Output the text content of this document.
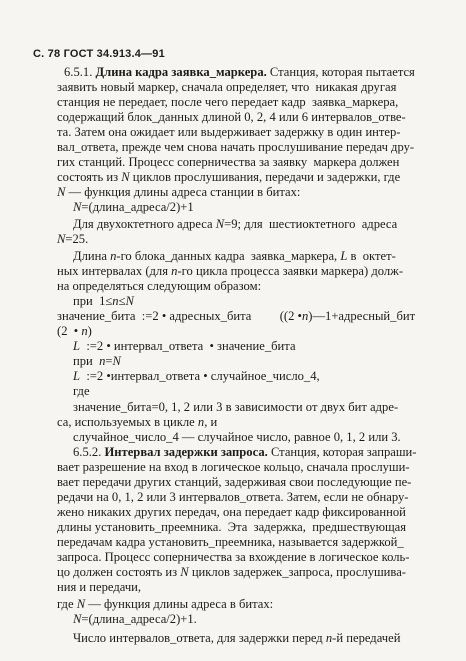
С. 78 ГОСТ 34.913.4—91
6.5.1. Длина кадра заявка_маркера. Станция, которая пытается
заявить новый маркер, сначала определяет, что  никакая другая
станция не передает, после чего передает кадр  заявка_маркера,
содержащий блок_данных длиной 0, 2, 4 или 6 интервалов_отве-
та. Затем она ожидает или выдерживает задержку в один интер-
вал_ответа, прежде чем снова начать прослушивание передач дру-
гих станций. Процесс соперничества за заявку  маркера должен
состоять из N циклов прослушивания, передачи и задержки, где
N — функция длины адреса станции в битах:
N=(длина_адреса/2)+1
Для двухоктетного адреса N=9; для  шестиоктетного  адреса
N=25.
Длина n-го блока_данных кадра  заявка_маркера, L в  октет-
ных интервалах (для n-го цикла процесса заявки маркера) долж-
на определяться следующим образом:
при  1≤n≤N
значение_бита  :=2 • адресных_бита         ((2 •n)—1+адресный_бит
(2  • n)
L  :=2 • интервал_ответа  • значение_бита
при  n=N
L  :=2 •интервал_ответа • случайное_число_4,
где
значение_бита=0, 1, 2 или 3 в зависимости от двух бит адре-
са, используемых в цикле n, и
случайное_число_4 — случайное число, равное 0, 1, 2 или 3.
6.5.2. Интервал задержки запроса. Станция, которая запраши-
вает разрешение на вход в логическое кольцо, сначала прослуши-
вает передачи других станций, задерживая свои последующие пе-
редачи на 0, 1, 2 или 3 интервалов_ответа. Затем, если не обнару-
жено никаких других передач, она передает кадр фиксированной
длины установить_преемника.  Эта  задержка,  предшествующая
передачам кадра установить_преемника, называется задержкой_
запроса. Процесс соперничества за вхождение в логическое коль-
цо должен состоять из N циклов задержек_запроса, прослушива-
ния и передачи,
где N — функция длины адреса в битах:
N=(длина_адреса/2)+1.
Число интервалов_ответа, для задержки перед n-й передачей
